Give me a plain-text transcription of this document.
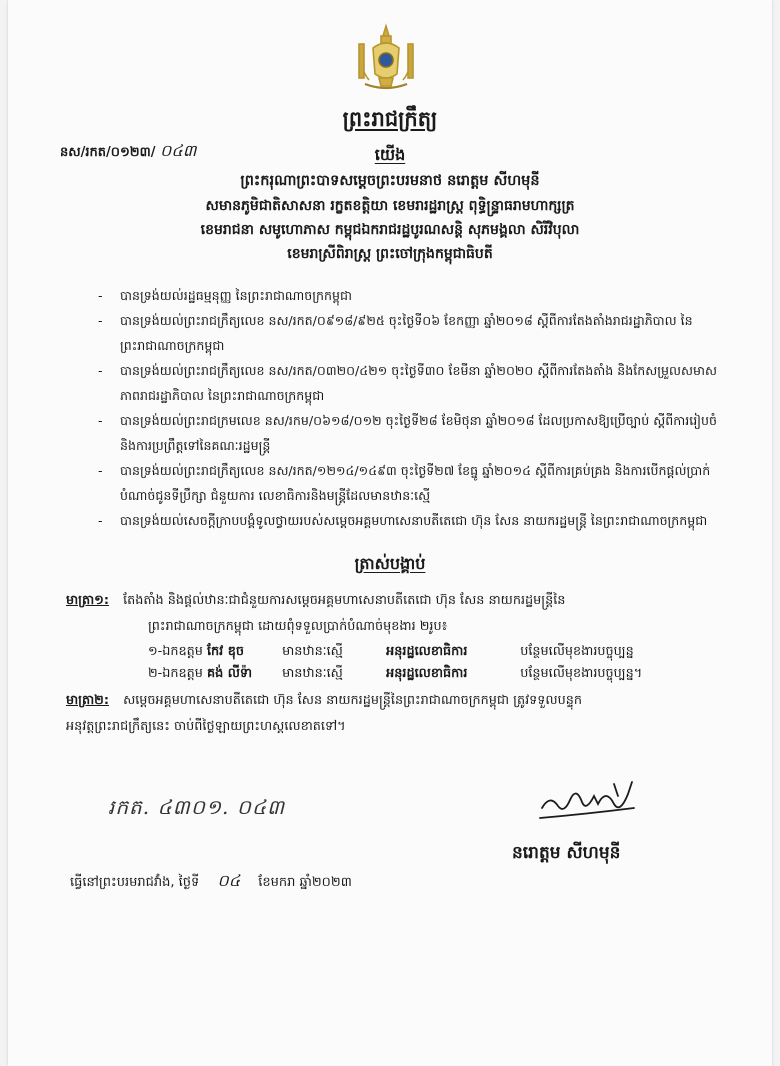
នស/រកត/០១២៣/ ០៤៣
ព្រះរាជក្រឹត្យ
យើង
ព្រះករុណាព្រះបាទសម្តេចព្រះបរមនាថ នរោត្តម សីហមុនី
សមានភូមិជាតិសាសនា រក្ខតខត្តិយា ខេមរារដ្ឋរាស្ត្រ ពុទ្ធិន្ទ្រាធរាមហាក្សត្រ
ខេមរាជនា សមូហោភាស កម្ពុជឯករាជរដ្ឋបូរណសន្តិ សុភមង្គលា សិរីវិបុលា
ខេមរាស្រីពិរាស្ត្រ ព្រះចៅក្រុងកម្ពុជាធិបតី
- បានទ្រង់យល់រដ្ឋធម្មនុញ្ញ នៃព្រះរាជាណាចក្រកម្ពុជា
- បានទ្រង់យល់ព្រះរាជក្រឹត្យលេខ នស/រកត/០៩១៨/៩២៥ ចុះថ្ងៃទី០៦ ខែកញ្ញា ឆ្នាំ២០១៨ ស្តីពីការតែងតាំងរាជរដ្ឋាភិបាល នៃព្រះរាជាណាចក្រកម្ពុជា
- បានទ្រង់យល់ព្រះរាជក្រឹត្យលេខ នស/រកត/០៣២០/៤២១ ចុះថ្ងៃទី៣០ ខែមីនា ឆ្នាំ២០២០ ស្តីពីការតែងតាំង និងកែសម្រួលសមាសភាពរាជរដ្ឋាភិបាល នៃព្រះរាជាណាចក្រកម្ពុជា
- បានទ្រង់យល់ព្រះរាជក្រមលេខ នស/រកម/០៦១៨/០១២ ចុះថ្ងៃទី២៨ ខែមិថុនា ឆ្នាំ២០១៨ ដែលប្រកាសឱ្យប្រើច្បាប់ ស្តីពីការរៀបចំ និងការប្រព្រឹត្តទៅនៃគណៈរដ្ឋមន្ត្រី
- បានទ្រង់យល់ព្រះរាជក្រឹត្យលេខ នស/រកត/១២១៤/១៤៩៣ ចុះថ្ងៃទី២៧ ខែធ្នូ ឆ្នាំ២០១៤ ស្តីពីការគ្រប់គ្រង និងការបើកផ្តល់ប្រាក់បំណាច់ជូនទីប្រឹក្សា ជំនួយការ លេខាធិការនិងមន្ត្រីដែលមានឋានៈស្មើ
- បានទ្រង់យល់សេចក្តីក្រាបបង្គំទូលថ្វាយរបស់សម្តេចអគ្គមហាសេនាបតីតេជោ ហ៊ុន សែន នាយករដ្ឋមន្ត្រី នៃព្រះរាជាណាចក្រកម្ពុជា
ត្រាស់បង្គាប់
មាត្រា១: តែងតាំង និងផ្តល់ឋានៈជាជំនួយការសម្តេចអគ្គមហាសេនាបតីតេជោ ហ៊ុន សែន នាយករដ្ឋមន្ត្រីនៃ
ព្រះរាជាណាចក្រកម្ពុជា ដោយពុំទទួលប្រាក់បំណាច់មុខងារ ២រូប៖
១-ឯកឧត្តម កែវ ឌុច	មានឋានៈស្មើ	អនុរដ្ឋលេខាធិការ	បន្ថែមលើមុខងារបច្ចុប្បន្ន
២-ឯកឧត្តម គង់ លីទ៉ា មានឋានៈស្មើ	អនុរដ្ឋលេខាធិការ	បន្ថែមលើមុខងារបច្ចុប្បន្ន។
មាត្រា២: សម្តេចអគ្គមហាសេនាបតីតេជោ ហ៊ុន សែន នាយករដ្ឋមន្ត្រីនៃព្រះរាជាណាចក្រកម្ពុជា ត្រូវទទួលបន្ទុក
អនុវត្តព្រះរាជក្រឹត្យនេះ ចាប់ពីថ្ងៃឡាយព្រះហស្តលេខាតទៅ។
រកត. ៤៣០១. ០៤៣
នរោត្តម សីហមុនី
ធ្វើនៅព្រះបរមរាជវាំង, ថ្ងៃទី ០៤ ខែមករា ឆ្នាំ២០២៣
